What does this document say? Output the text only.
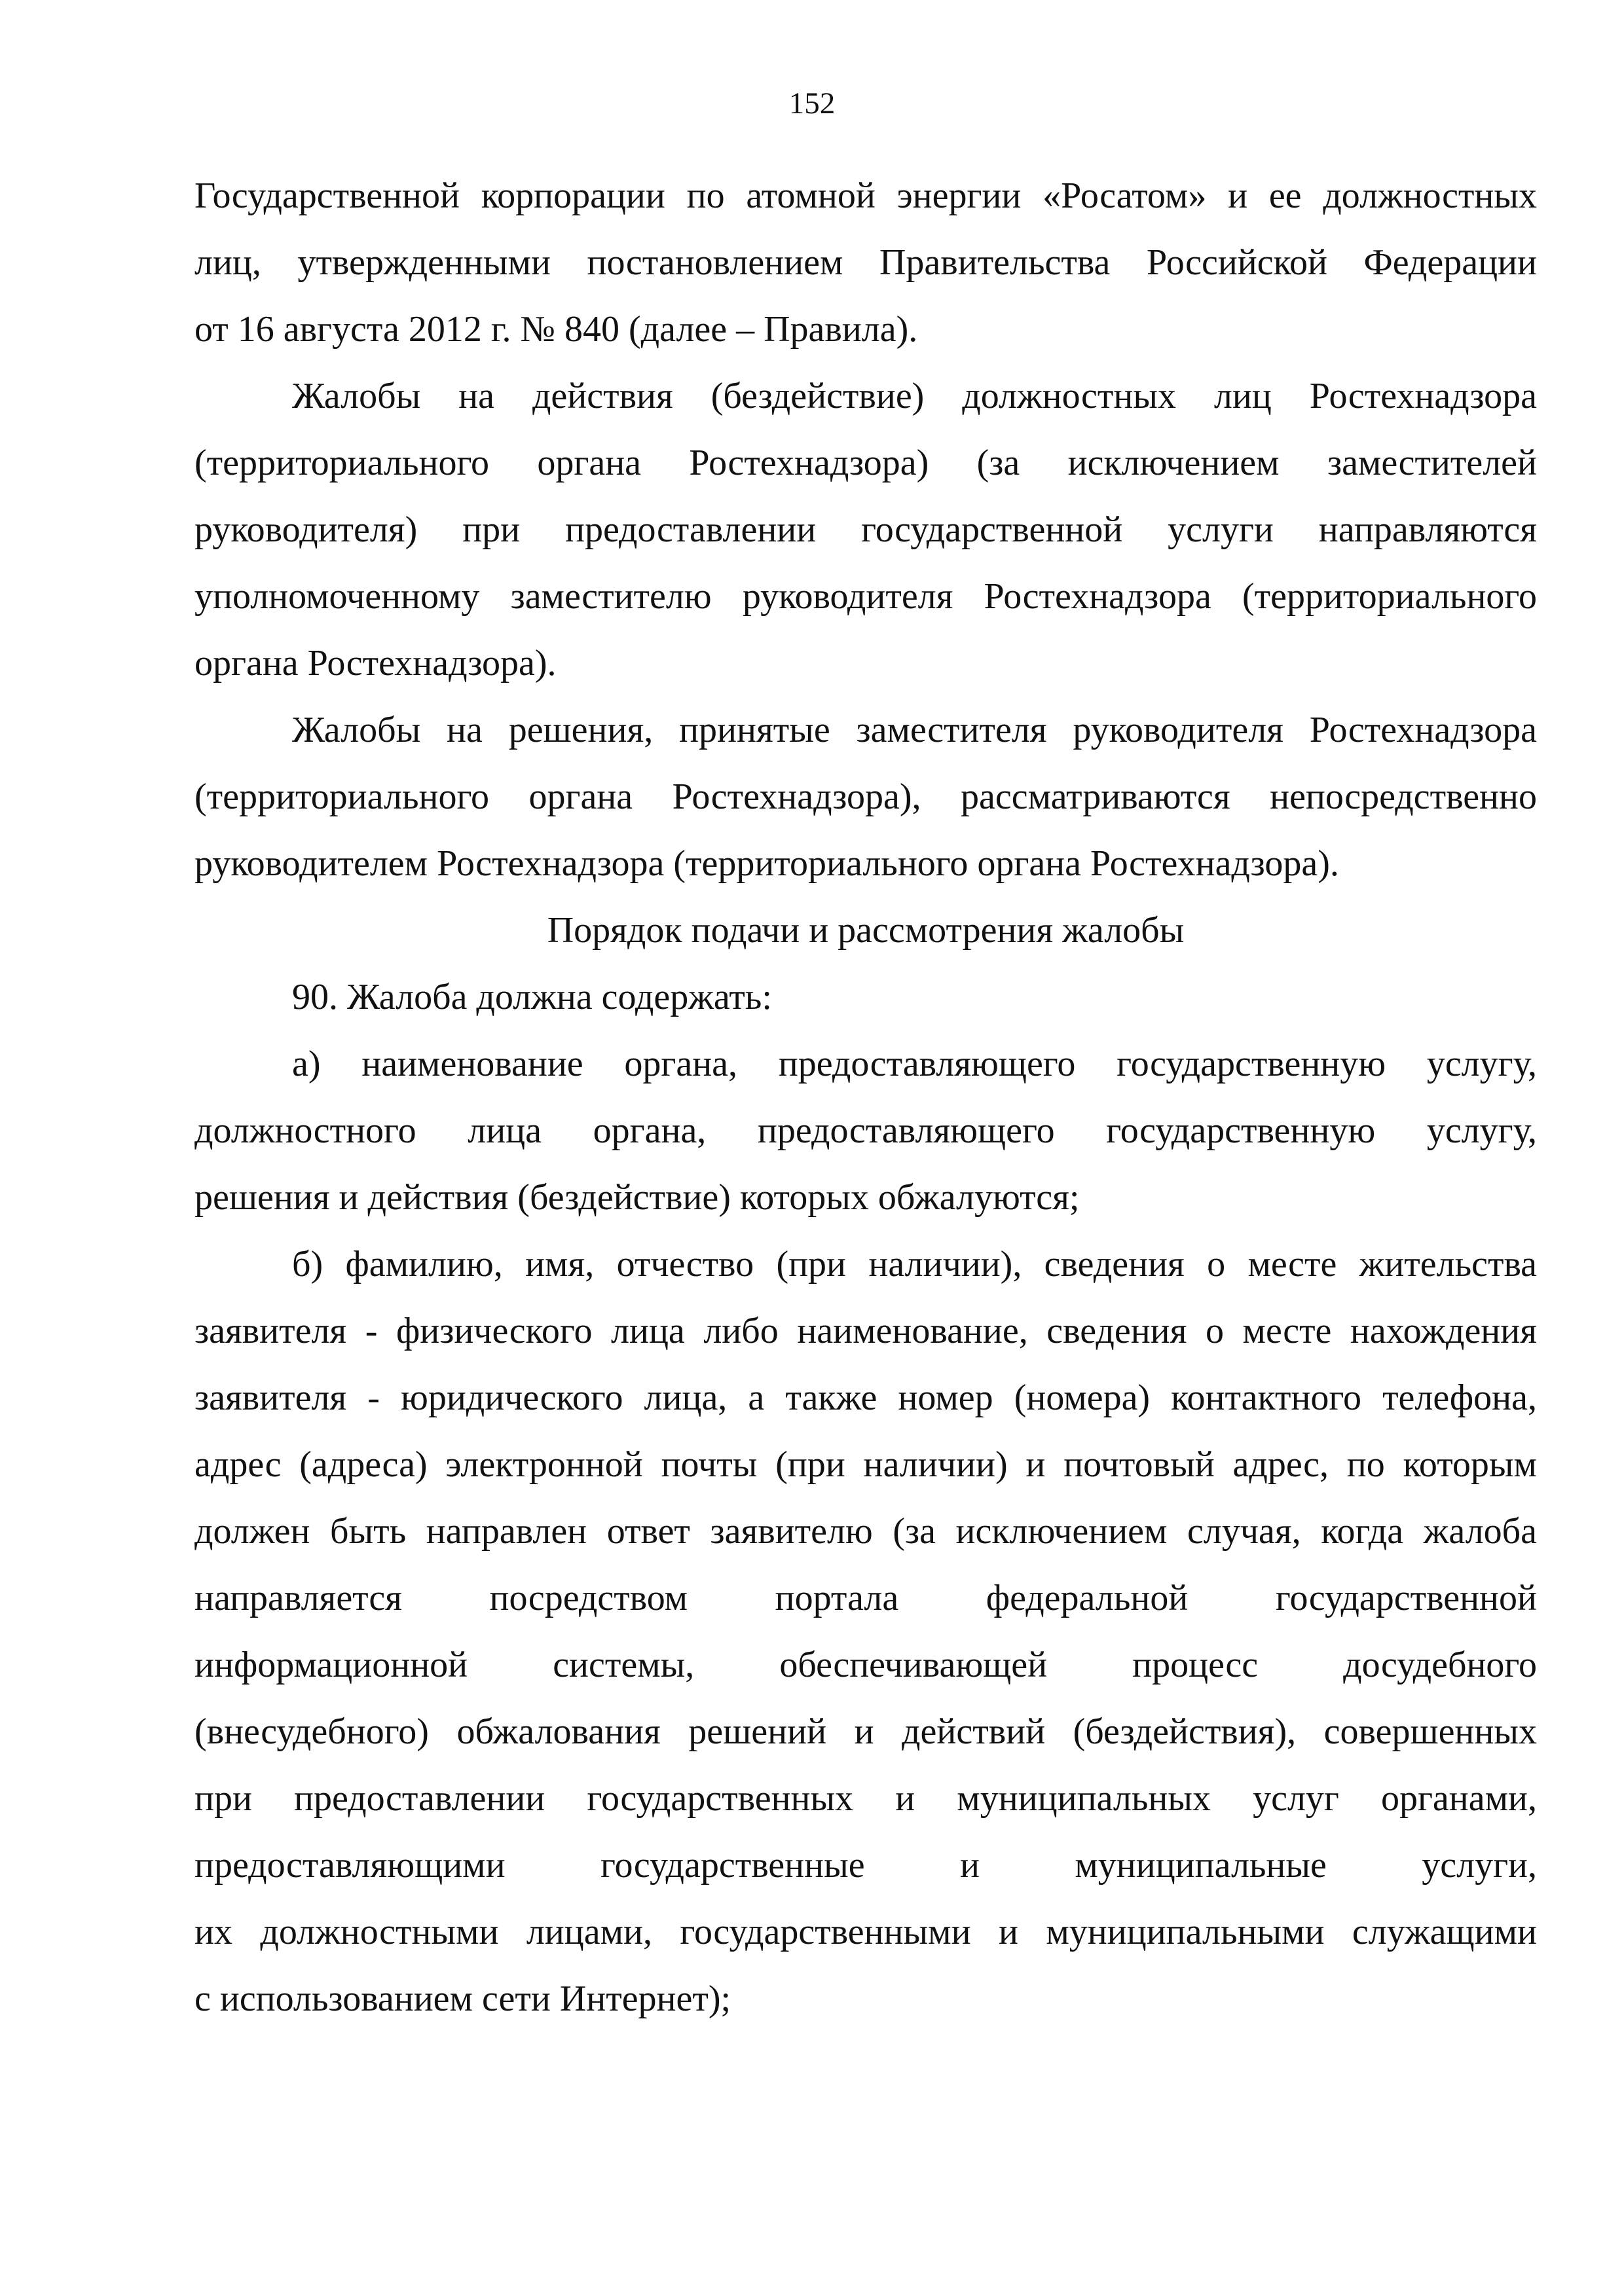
152
Государственной корпорации по атомной энергии «Росатом» и ее должностных
лиц, утвержденными постановлением Правительства Российской Федерации
от 16 августа 2012 г. № 840 (далее – Правила).
Жалобы на действия (бездействие) должностных лиц Ростехнадзора
(территориального органа Ростехнадзора) (за исключением заместителей
руководителя) при предоставлении государственной услуги направляются
уполномоченному заместителю руководителя Ростехнадзора (территориального
органа Ростехнадзора).
Жалобы на решения, принятые заместителя руководителя Ростехнадзора
(территориального органа Ростехнадзора), рассматриваются непосредственно
руководителем Ростехнадзора (территориального органа Ростехнадзора).
Порядок подачи и рассмотрения жалобы
90. Жалоба должна содержать:
а) наименование органа, предоставляющего государственную услугу,
должностного лица органа, предоставляющего государственную услугу,
решения и действия (бездействие) которых обжалуются;
б) фамилию, имя, отчество (при наличии), сведения о месте жительства
заявителя - физического лица либо наименование, сведения о месте нахождения
заявителя - юридического лица, а также номер (номера) контактного телефона,
адрес (адреса) электронной почты (при наличии) и почтовый адрес, по которым
должен быть направлен ответ заявителю (за исключением случая, когда жалоба
направляется посредством портала федеральной государственной
информационной системы, обеспечивающей процесс досудебного
(внесудебного) обжалования решений и действий (бездействия), совершенных
при предоставлении государственных и муниципальных услуг органами,
предоставляющими государственные и муниципальные услуги,
их должностными лицами, государственными и муниципальными служащими
с использованием сети Интернет);
